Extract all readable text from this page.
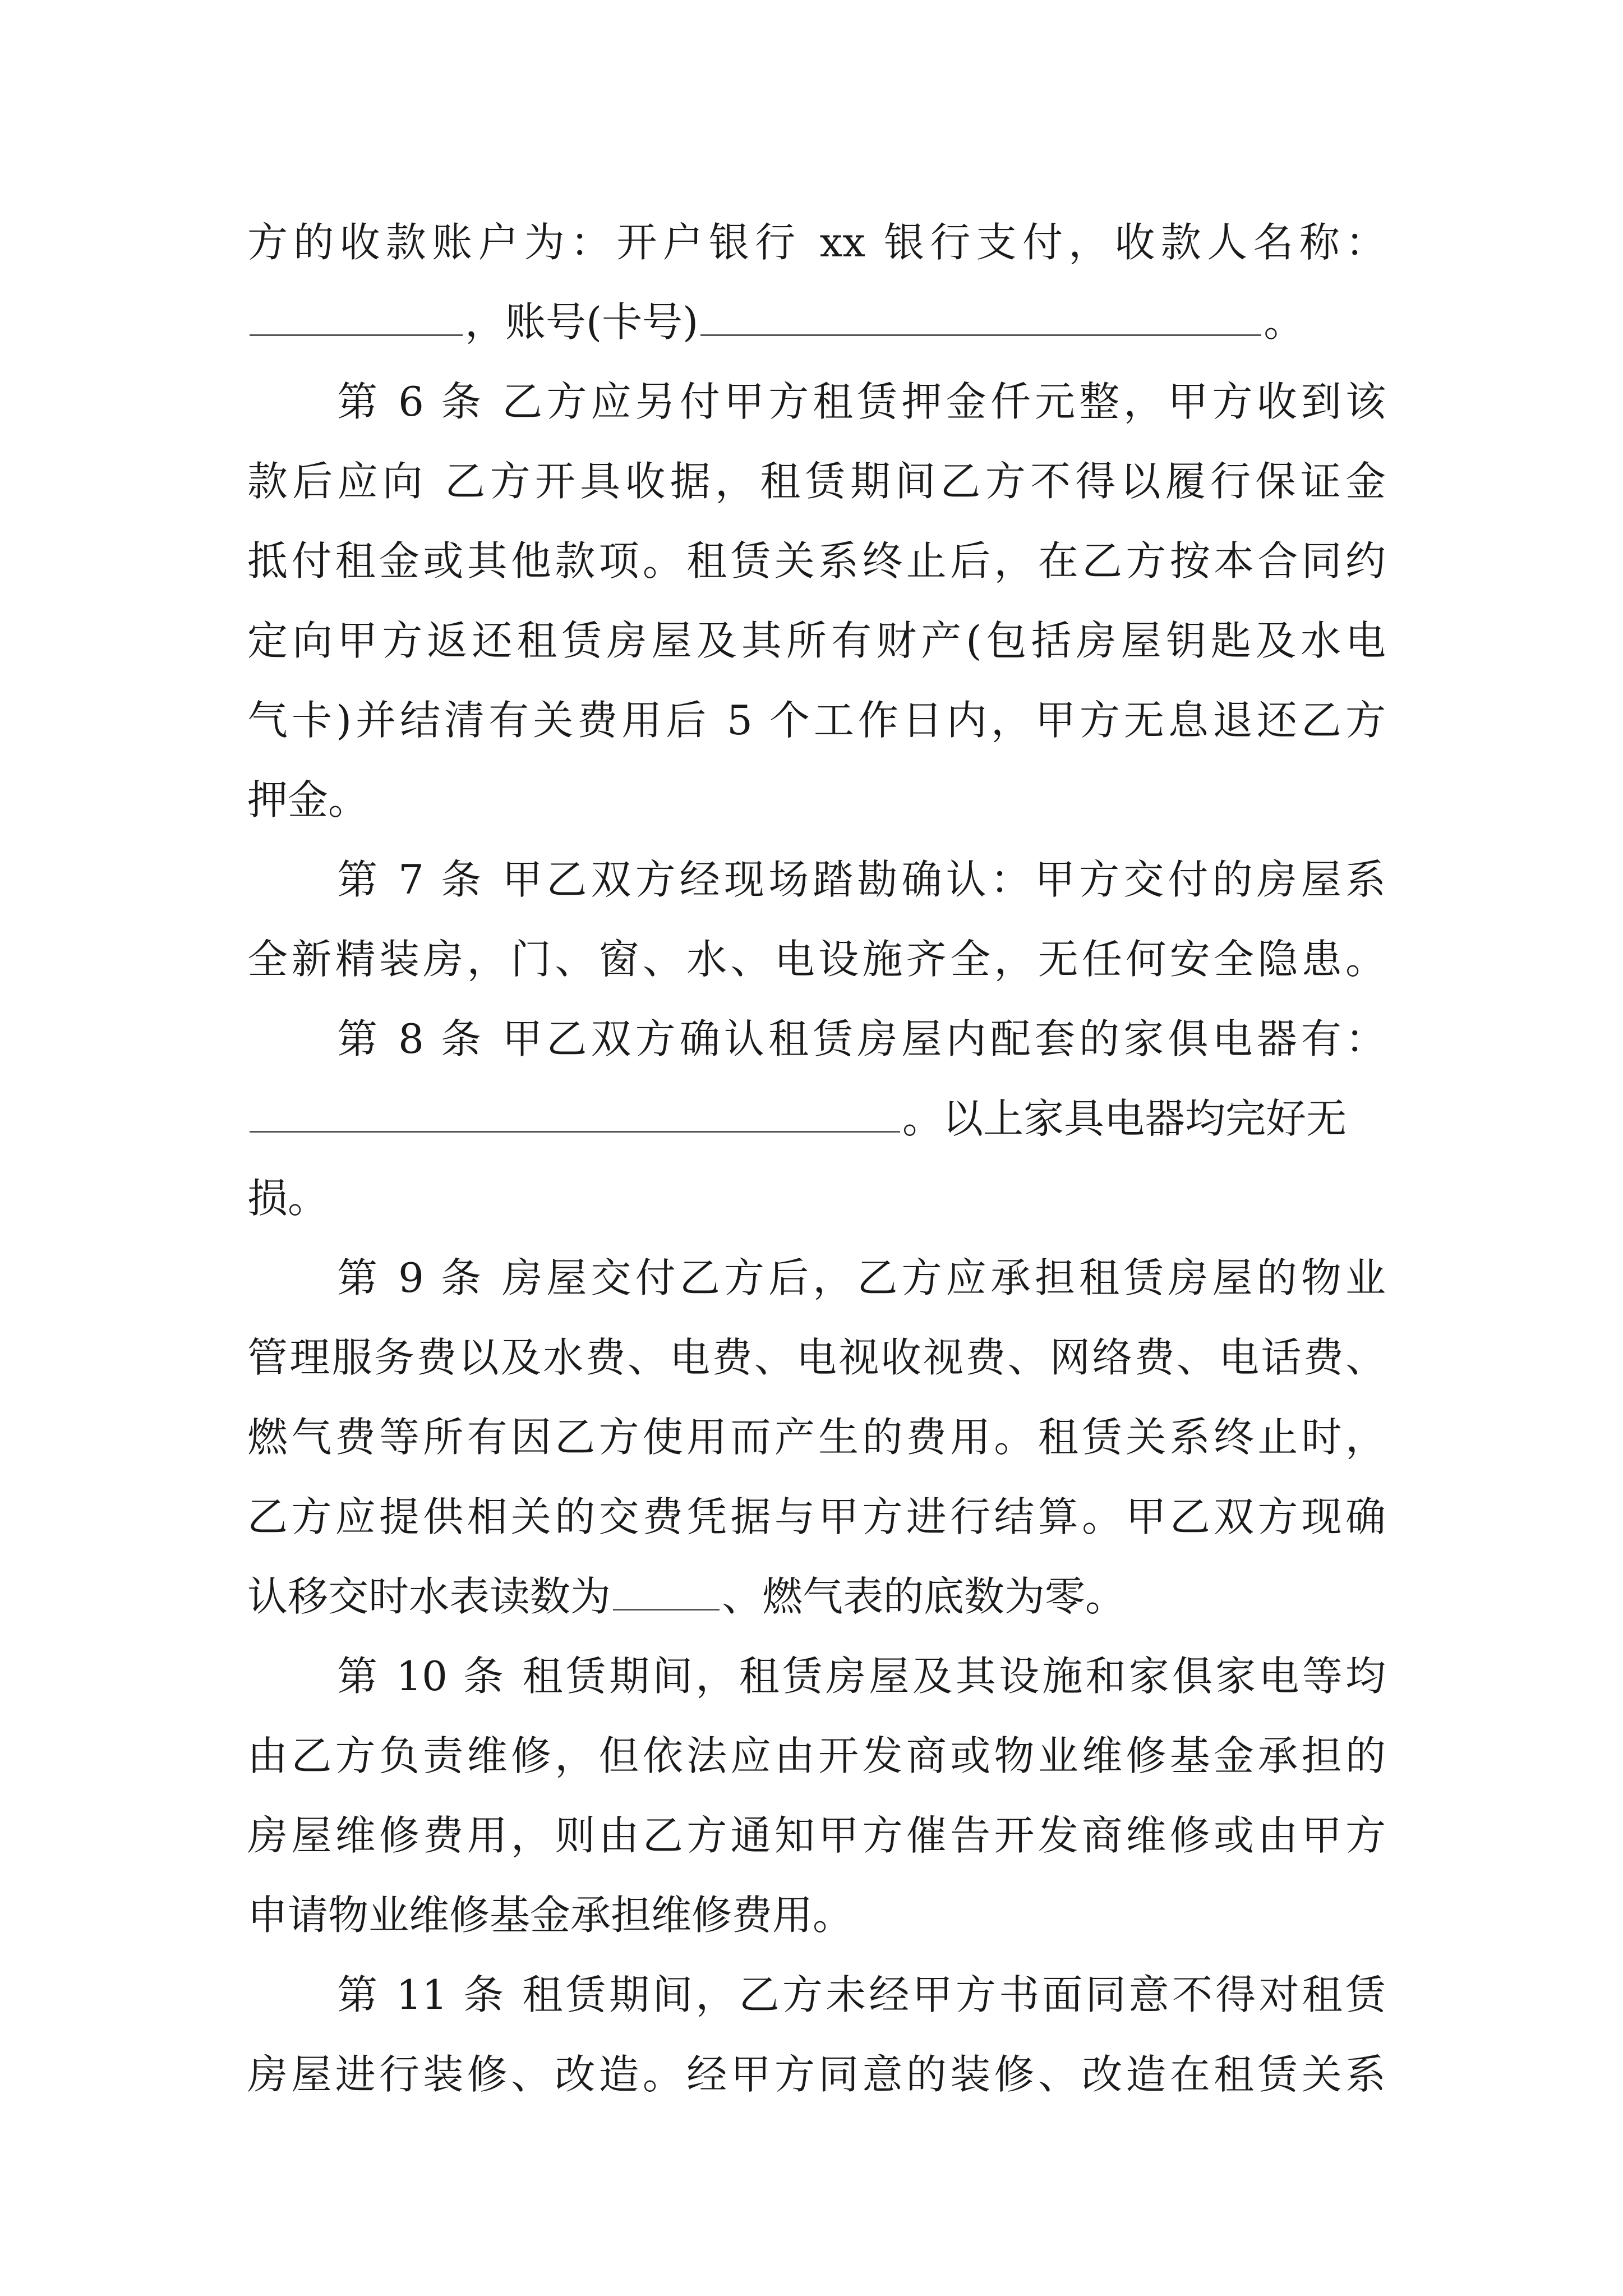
方的收款账户为：开户银行 xx 银行支付，收款人名称：
，账号(卡号)	。
第 6 条 乙方应另付甲方租赁押金仟元整，甲方收到该
款后应向 乙方开具收据，租赁期间乙方不得以履行保证金
抵付租金或其他款项。租赁关系终止后，在乙方按本合同约
定向甲方返还租赁房屋及其所有财产(包括房屋钥匙及水电
气卡)并结清有关费用后 5 个工作日内，甲方无息退还乙方
押金。
第 7 条 甲乙双方经现场踏勘确认：甲方交付的房屋系
全新精装房，门、窗、水、电设施齐全，无任何安全隐患。
第 8 条 甲乙双方确认租赁房屋内配套的家俱电器有：
。以上家具电器均完好无
损。
第 9 条 房屋交付乙方后，乙方应承担租赁房屋的物业
管理服务费以及水费、电费、电视收视费、网络费、电话费、
燃气费等所有因乙方使用而产生的费用。租赁关系终止时，
乙方应提供相关的交费凭据与甲方进行结算。甲乙双方现确
认移交时水表读数为	、燃气表的底数为零。
第 10 条 租赁期间，租赁房屋及其设施和家俱家电等均
由乙方负责维修，但依法应由开发商或物业维修基金承担的
房屋维修费用，则由乙方通知甲方催告开发商维修或由甲方
申请物业维修基金承担维修费用。
第 11 条 租赁期间，乙方未经甲方书面同意不得对租赁
房屋进行装修、改造。经甲方同意的装修、改造在租赁关系
